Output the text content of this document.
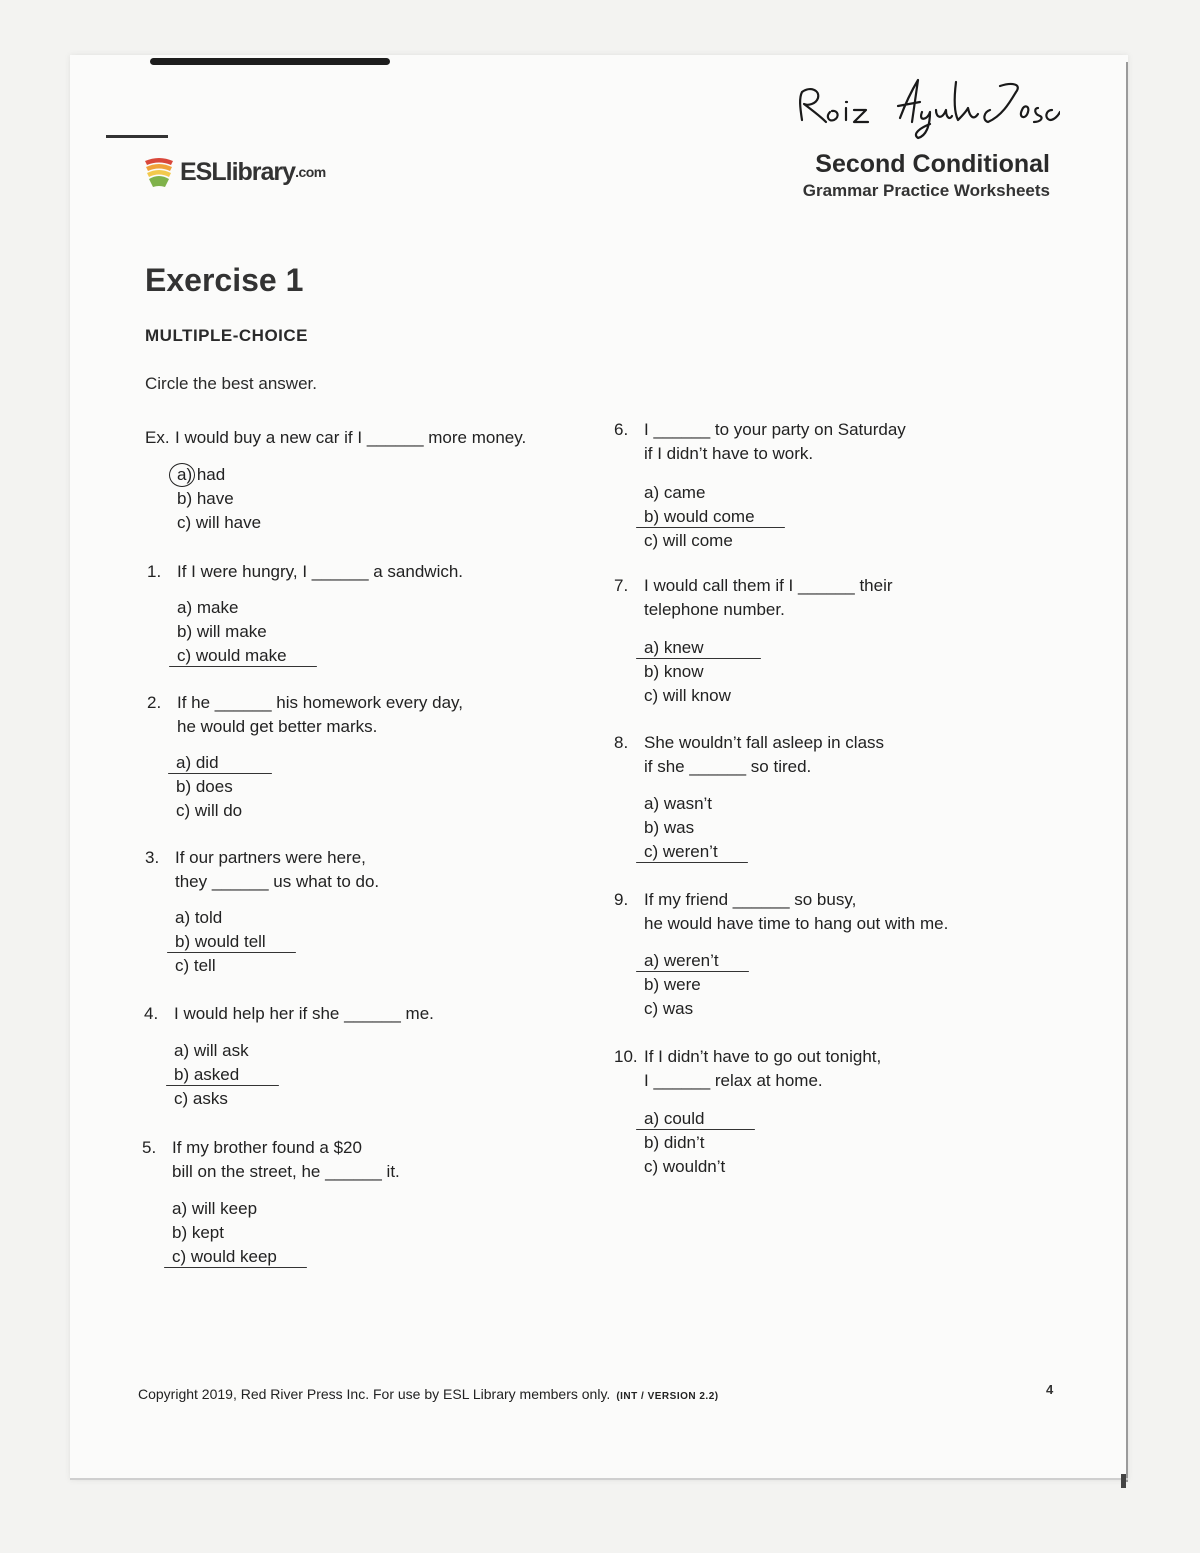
ESLlibrary .com	Second Conditional
Grammar Practice Worksheets
Exercise 1
MULTIPLE-CHOICE
Circle the best answer.
Ex. I would buy a new car if I ______ more money.
a) had
b) have
c) will have
1. If I were hungry, I ______ a sandwich.
a) make
b) will make
c) would make
2. If he ______ his homework every day,
he would get better marks.
a) did
b) does
c) will do
3. If our partners were here,
they ______ us what to do.
a) told
b) would tell
c) tell
4. I would help her if she ______ me.
a) will ask
b) asked
c) asks
5. If my brother found a $20
bill on the street, he ______ it.
a) will keep
b) kept
c) would keep
6. I ______ to your party on Saturday
if I didn’t have to work.
a) came
b) would come
c) will come
7. I would call them if I ______ their
telephone number.
a) knew
b) know
c) will know
8. She wouldn’t fall asleep in class
if she ______ so tired.
a) wasn’t
b) was
c) weren’t
9. If my friend ______ so busy,
he would have time to hang out with me.
a) weren’t
b) were
c) was
10. If I didn’t have to go out tonight,
I ______ relax at home.
a) could
b) didn’t
c) wouldn’t
Copyright 2019, Red River Press Inc. For use by ESL Library members only. (INT / VERSION 2.2)	4
